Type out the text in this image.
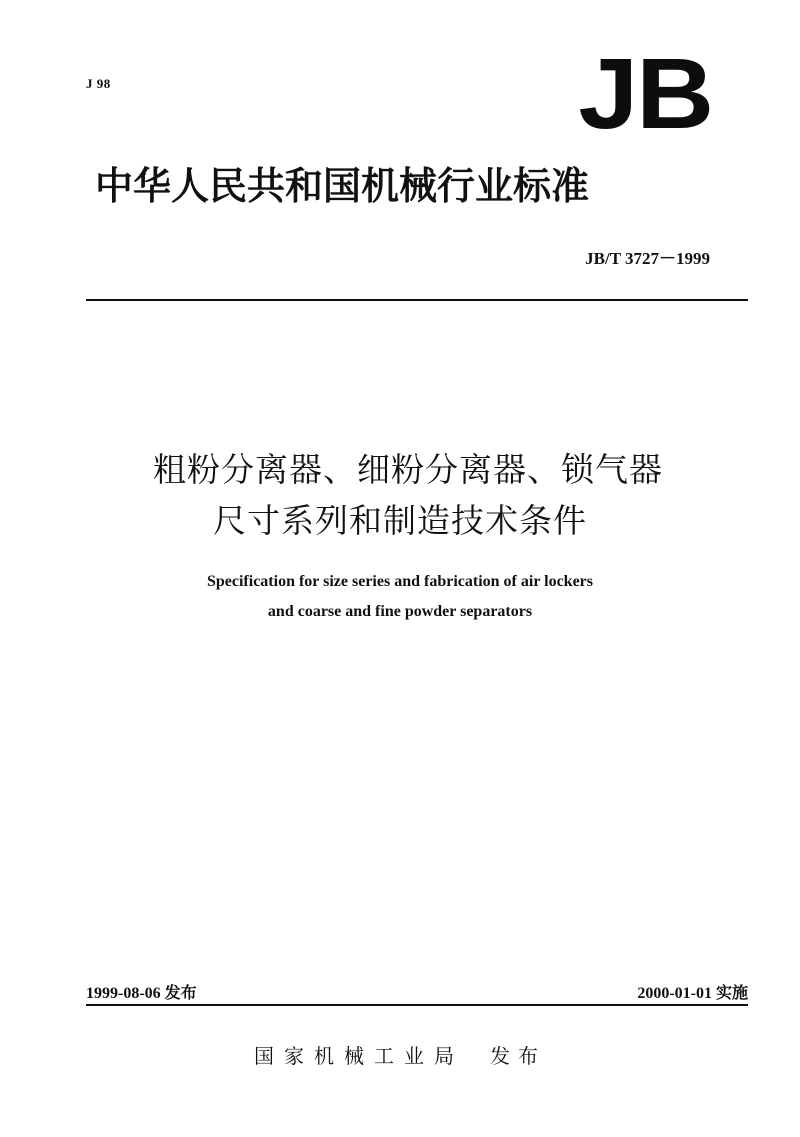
J 98	JB
中华人民共和国机械行业标准
JB/T 3727－1999
粗粉分离器、细粉分离器、锁气器
尺寸系列和制造技术条件
Specification for size series and fabrication of air lockers
and coarse and fine powder separators
1999-08-06 发布	2000-01-01 实施
国家机械工业局 发布
